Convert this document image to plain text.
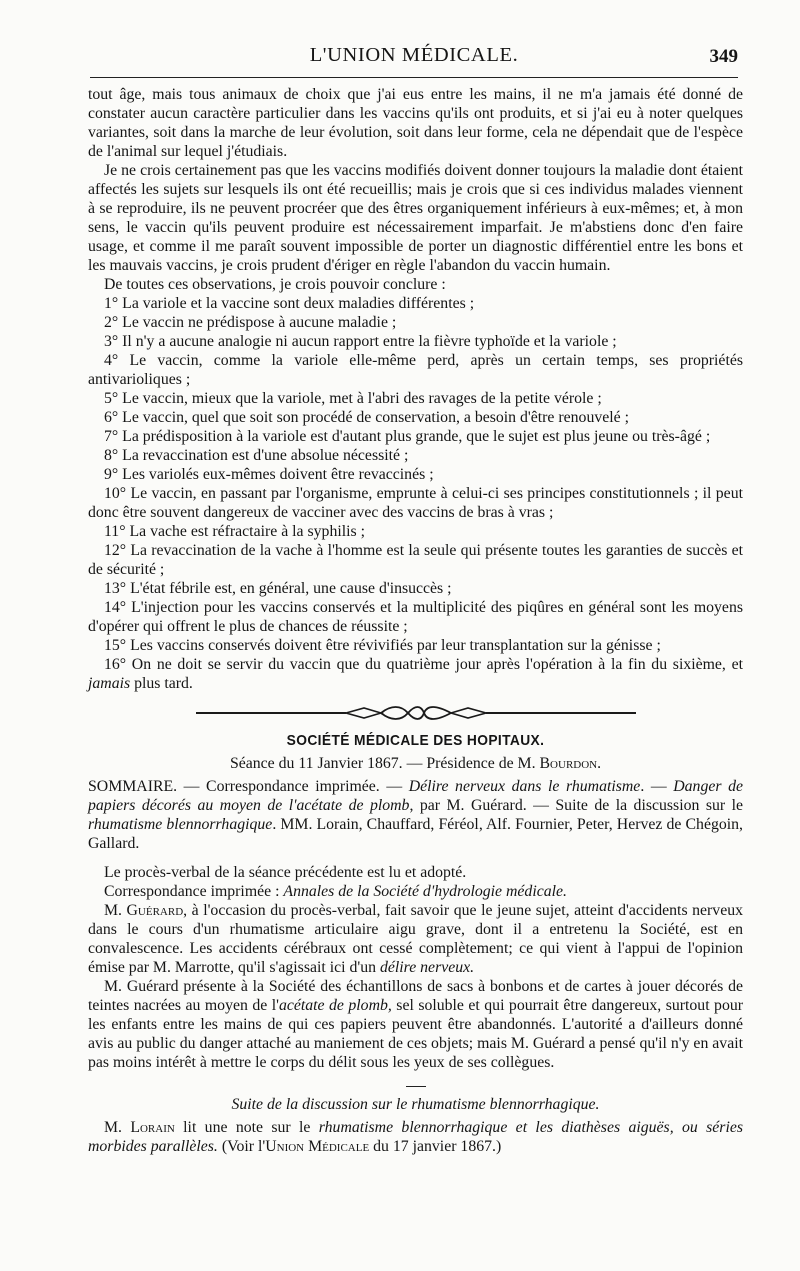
L'UNION MÉDICALE.	349

tout âge, mais tous animaux de choix que j'ai eus entre les mains, il ne m'a jamais été donné de constater aucun caractère particulier dans les vaccins qu'ils ont produits, et si j'ai eu à noter quelques variantes, soit dans la marche de leur évolution, soit dans leur forme, cela ne dépendait que de l'espèce de l'animal sur lequel j'étudiais.

Je ne crois certainement pas que les vaccins modifiés doivent donner toujours la maladie dont étaient affectés les sujets sur lesquels ils ont été recueillis; mais je crois que si ces individus malades viennent à se reproduire, ils ne peuvent procréer que des êtres organiquement inférieurs à eux-mêmes; et, à mon sens, le vaccin qu'ils peuvent produire est nécessairement imparfait. Je m'abstiens donc d'en faire usage, et comme il me paraît souvent impossible de porter un diagnostic différentiel entre les bons et les mauvais vaccins, je crois prudent d'ériger en règle l'abandon du vaccin humain.

De toutes ces observations, je crois pouvoir conclure :

1° La variole et la vaccine sont deux maladies différentes ;

2° Le vaccin ne prédispose à aucune maladie ;

3° Il n'y a aucune analogie ni aucun rapport entre la fièvre typhoïde et la variole ;

4° Le vaccin, comme la variole elle-même perd, après un certain temps, ses propriétés antivarioliques ;

5° Le vaccin, mieux que la variole, met à l'abri des ravages de la petite vérole ;

6° Le vaccin, quel que soit son procédé de conservation, a besoin d'être renouvelé ;

7° La prédisposition à la variole est d'autant plus grande, que le sujet est plus jeune ou très-âgé ;

8° La revaccination est d'une absolue nécessité ;

9° Les variolés eux-mêmes doivent être revaccinés ;

10° Le vaccin, en passant par l'organisme, emprunte à celui-ci ses principes constitutionnels ; il peut donc être souvent dangereux de vacciner avec des vaccins de bras à vras ;

11° La vache est réfractaire à la syphilis ;

12° La revaccination de la vache à l'homme est la seule qui présente toutes les garanties de succès et de sécurité ;

13° L'état fébrile est, en général, une cause d'insuccès ;

14° L'injection pour les vaccins conservés et la multiplicité des piqûres en général sont les moyens d'opérer qui offrent le plus de chances de réussite ;

15° Les vaccins conservés doivent être révivifiés par leur transplantation sur la génisse ;

16° On ne doit se servir du vaccin que du quatrième jour après l'opération à la fin du sixième, et jamais plus tard.

SOCIÉTÉ MÉDICALE DES HOPITAUX.
Séance du 11 Janvier 1867. — Présidence de M. Bourdon.

SOMMAIRE. — Correspondance imprimée. — Délire nerveux dans le rhumatisme. — Danger de papiers décorés au moyen de l'acétate de plomb, par M. Guérard. — Suite de la discussion sur le rhumatisme blennorrhagique. MM. Lorain, Chauffard, Féréol, Alf. Fournier, Peter, Hervez de Chégoin, Gallard.

Le procès-verbal de la séance précédente est lu et adopté.

Correspondance imprimée : Annales de la Société d'hydrologie médicale.

M. Guérard, à l'occasion du procès-verbal, fait savoir que le jeune sujet, atteint d'accidents nerveux dans le cours d'un rhumatisme articulaire aigu grave, dont il a entretenu la Société, est en convalescence. Les accidents cérébraux ont cessé complètement; ce qui vient à l'appui de l'opinion émise par M. Marrotte, qu'il s'agissait ici d'un délire nerveux.

M. Guérard présente à la Société des échantillons de sacs à bonbons et de cartes à jouer décorés de teintes nacrées au moyen de l'acétate de plomb, sel soluble et qui pourrait être dangereux, surtout pour les enfants entre les mains de qui ces papiers peuvent être abandonnés. L'autorité a d'ailleurs donné avis au public du danger attaché au maniement de ces objets; mais M. Guérard a pensé qu'il n'y en avait pas moins intérêt à mettre le corps du délit sous les yeux de ses collègues.

Suite de la discussion sur le rhumatisme blennorrhagique.

M. Lorain lit une note sur le rhumatisme blennorrhagique et les diathèses aiguës, ou séries morbides parallèles. (Voir l'Union Médicale du 17 janvier 1867.)
